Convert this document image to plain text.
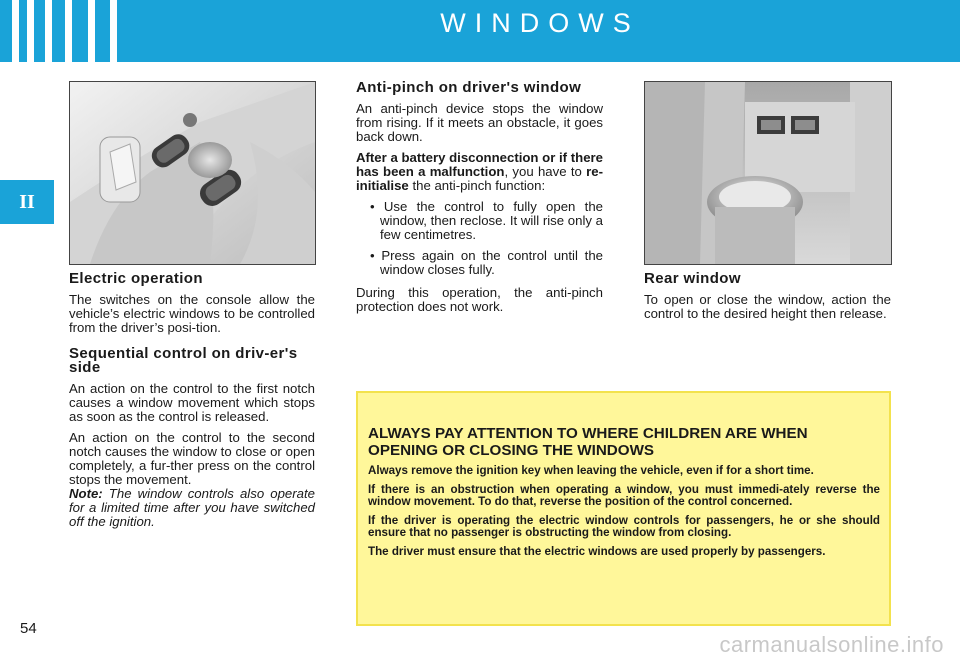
WINDOWS
II
Electric operation

The switches on the console allow the vehicle’s electric windows to be controlled from the driver’s posi-tion.

Sequential control on driv-er's side

An action on the control to the first notch causes a window movement which stops as soon as the control is released.

An action on the control to the second notch causes the window to close or open completely, a fur-ther press on the control stops the movement.

Note: The window controls also operate for a limited time after you have switched off the ignition.

Anti-pinch on driver's window

An anti-pinch device stops the window from rising. If it meets an obstacle, it goes back down.

After a battery disconnection or if there has been a malfunction, you have to re-initialise the anti-pinch function:

• Use the control to fully open the window, then reclose. It will rise only a few centimetres.

• Press again on the control until the window closes fully.

During this operation, the anti-pinch protection does not work.

Rear window

To open or close the window, action the control to the desired height then release.

ALWAYS PAY ATTENTION TO WHERE CHILDREN ARE WHEN OPENING OR CLOSING THE WINDOWS

Always remove the ignition key when leaving the vehicle, even if for a short time.

If there is an obstruction when operating a window, you must immedi-ately reverse the window movement. To do that, reverse the position of the control concerned.

If the driver is operating the electric window controls for passengers, he or she should ensure that no passenger is obstructing the window from closing.

The driver must ensure that the electric windows are used properly by passengers.

54
carmanualsonline.info
